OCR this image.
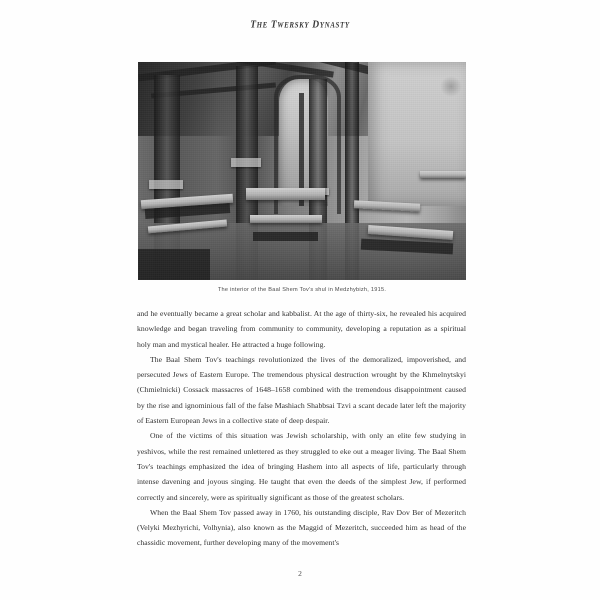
The Twersky Dynasty
The interior of the Baal Shem Tov's shul in Medzhybizh, 1915.

and he eventually became a great scholar and kabbalist. At the age of thirty-six, he revealed his acquired knowledge and began traveling from community to community, developing a reputation as a spiritual holy man and mystical healer. He attracted a huge following.

The Baal Shem Tov's teachings revolutionized the lives of the demoralized, impoverished, and persecuted Jews of Eastern Europe. The tremendous physical destruction wrought by the Khmelnytskyi (Chmielnicki) Cossack massacres of 1648–1658 combined with the tremendous disappointment caused by the rise and ignominious fall of the false Mashiach Shabbsai Tzvi a scant decade later left the majority of Eastern European Jews in a collective state of deep despair.

One of the victims of this situation was Jewish scholarship, with only an elite few studying in yeshivos, while the rest remained unlettered as they struggled to eke out a meager living. The Baal Shem Tov's teachings emphasized the idea of bringing Hashem into all aspects of life, particularly through intense davening and joyous singing. He taught that even the deeds of the simplest Jew, if performed correctly and sincerely, were as spiritually significant as those of the greatest scholars.

When the Baal Shem Tov passed away in 1760, his outstanding disciple, Rav Dov Ber of Mezeritch (Velyki Mezhyrichi, Volhynia), also known as the Maggid of Mezeritch, succeeded him as head of the chassidic movement, further developing many of the movement's

2
